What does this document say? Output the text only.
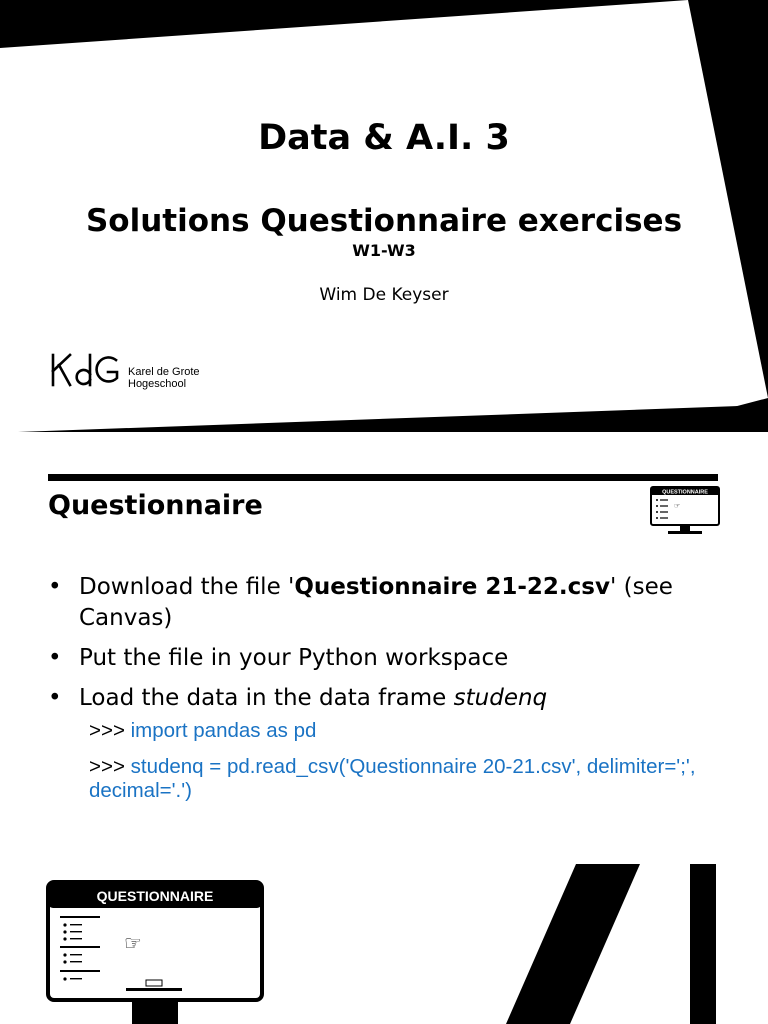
Data & A.I. 3
Solutions Questionnaire exercises
W1-W3
Wim De Keyser
Karel de Grote
Hogeschool
Questionnaire	QUESTIONNAIRE
☞
• Download the file 'Questionnaire 21-22.csv' (see Canvas)
• Put the file in your Python workspace
• Load the data in the data frame studenq
>>> import pandas as pd
>>> studenq = pd.read_csv('Questionnaire 20-21.csv', delimiter=';', decimal='.')
QUESTIONNAIRE
☞
